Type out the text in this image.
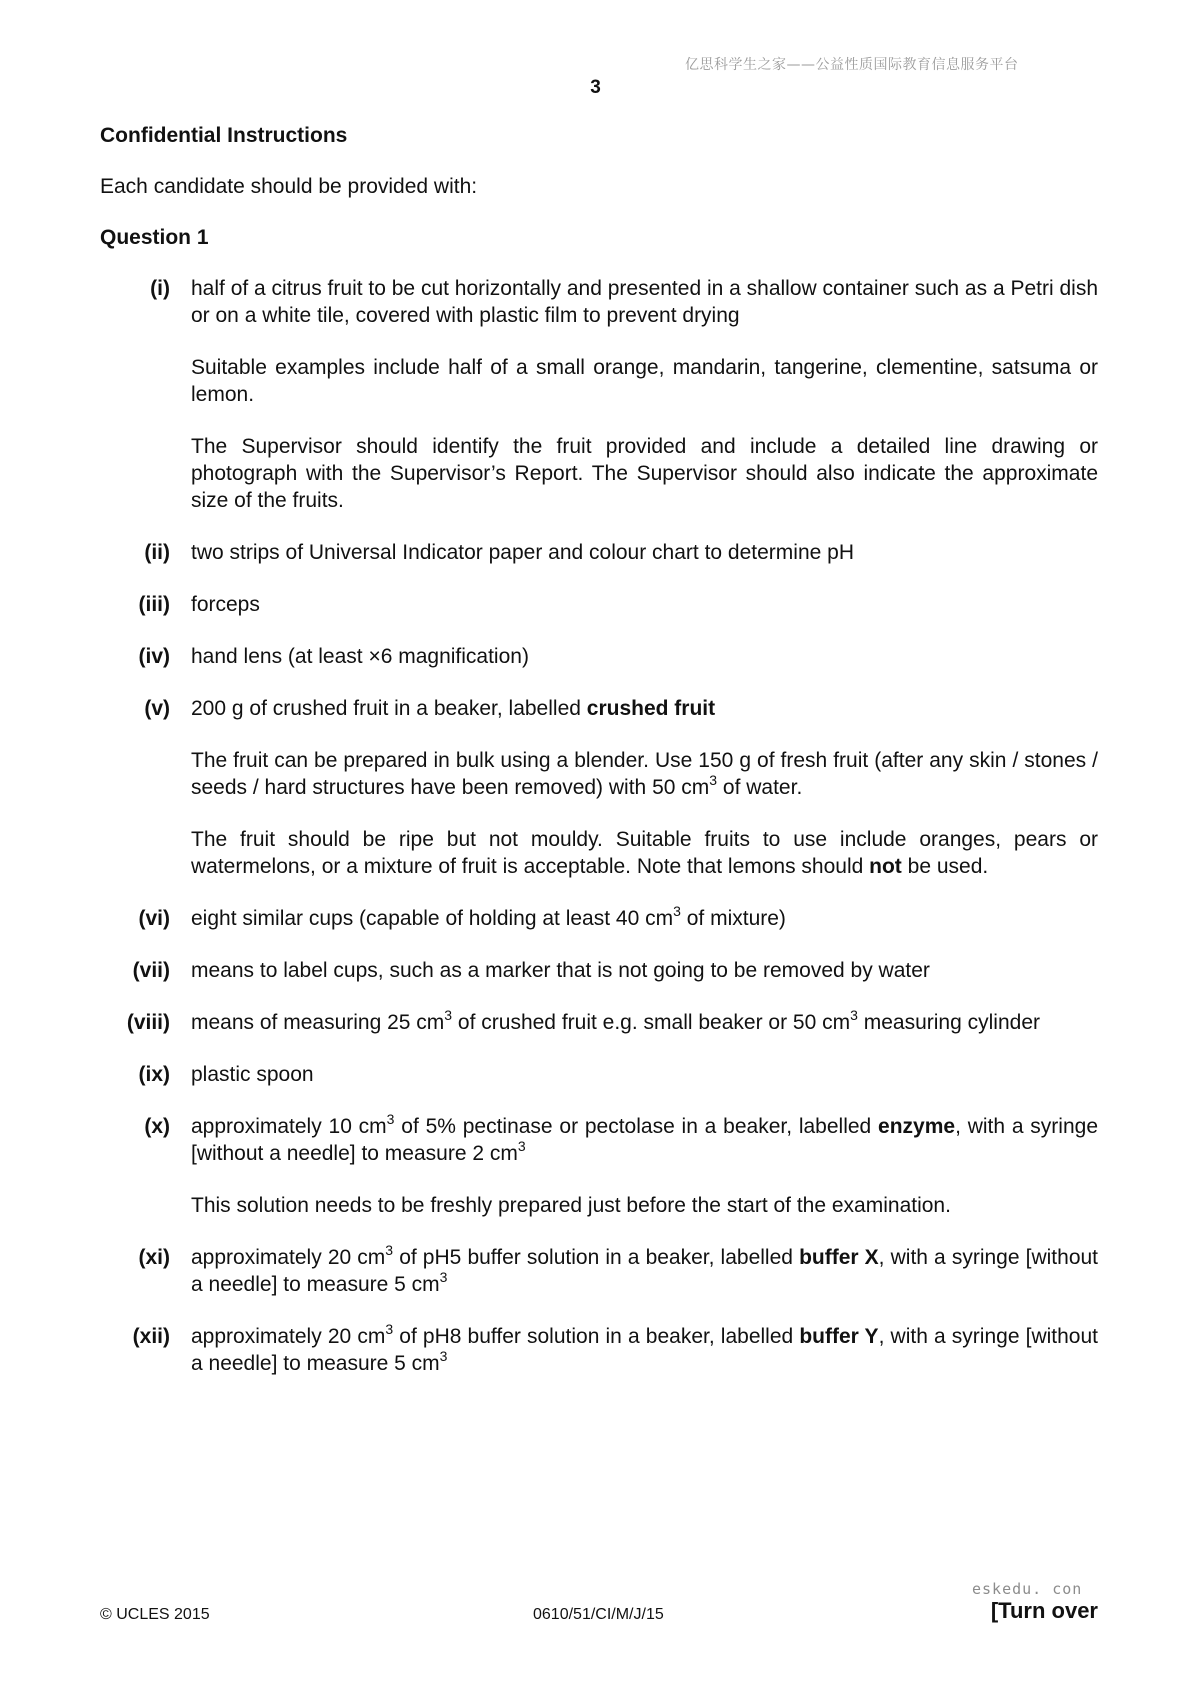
亿思科学生之家——公益性质国际教育信息服务平台
3
Confidential Instructions
Each candidate should be provided with:
Question 1
(i) half of a citrus fruit to be cut horizontally and presented in a shallow container such as a Petri dish or on a white tile, covered with plastic film to prevent drying

Suitable examples include half of a small orange, mandarin, tangerine, clementine, satsuma or lemon.

The Supervisor should identify the fruit provided and include a detailed line drawing or photograph with the Supervisor’s Report. The Supervisor should also indicate the approximate size of the fruits.

(ii) two strips of Universal Indicator paper and colour chart to determine pH

(iii) forceps

(iv) hand lens (at least ×6 magnification)

(v) 200 g of crushed fruit in a beaker, labelled crushed fruit

The fruit can be prepared in bulk using a blender. Use 150 g of fresh fruit (after any skin / stones / seeds / hard structures have been removed) with 50 $cm^3$ of water.

The fruit should be ripe but not mouldy. Suitable fruits to use include oranges, pears or watermelons, or a mixture of fruit is acceptable. Note that lemons should not be used.

(vi) eight similar cups (capable of holding at least 40 $cm^3$ of mixture)

(vii) means to label cups, such as a marker that is not going to be removed by water

(viii) means of measuring 25 $cm^3$ of crushed fruit e.g. small beaker or 50 $cm^3$ measuring cylinder

(ix) plastic spoon

(x) approximately 10 $cm^3$ of 5% pectinase or pectolase in a beaker, labelled enzyme, with a syringe [without a needle] to measure 2 $cm^3$

This solution needs to be freshly prepared just before the start of the examination.

(xi) approximately 20 $cm^3$ of pH5 buffer solution in a beaker, labelled buffer X, with a syringe [without a needle] to measure 5 $cm^3$

(xii) approximately 20 $cm^3$ of pH8 buffer solution in a beaker, labelled buffer Y, with a syringe [without a needle] to measure 5 $cm^3$

eskedu. con
© UCLES 2015	0610/51/CI/M/J/15	[Turn over
